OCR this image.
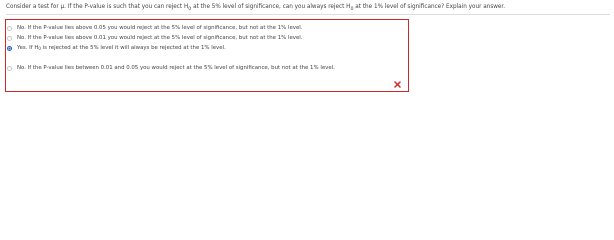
Consider a test for μ. If the P-value is such that you can reject $H_0$ at the 5% level of significance, can you always reject $H_0$ at the 1% level of significance? Explain your answer.
No. If the P-value lies above 0.05 you would reject at the 5% level of significance, but not at the 1% level.
No. If the P-value lies above 0.01 you would reject at the 5% level of significance, but not at the 1% level.
Yes. If $H_0$ is rejected at the 5% level it will always be rejected at the 1% level.
No. If the P-value lies between 0.01 and 0.05 you would reject at the 5% level of significance, but not at the 1% level.
